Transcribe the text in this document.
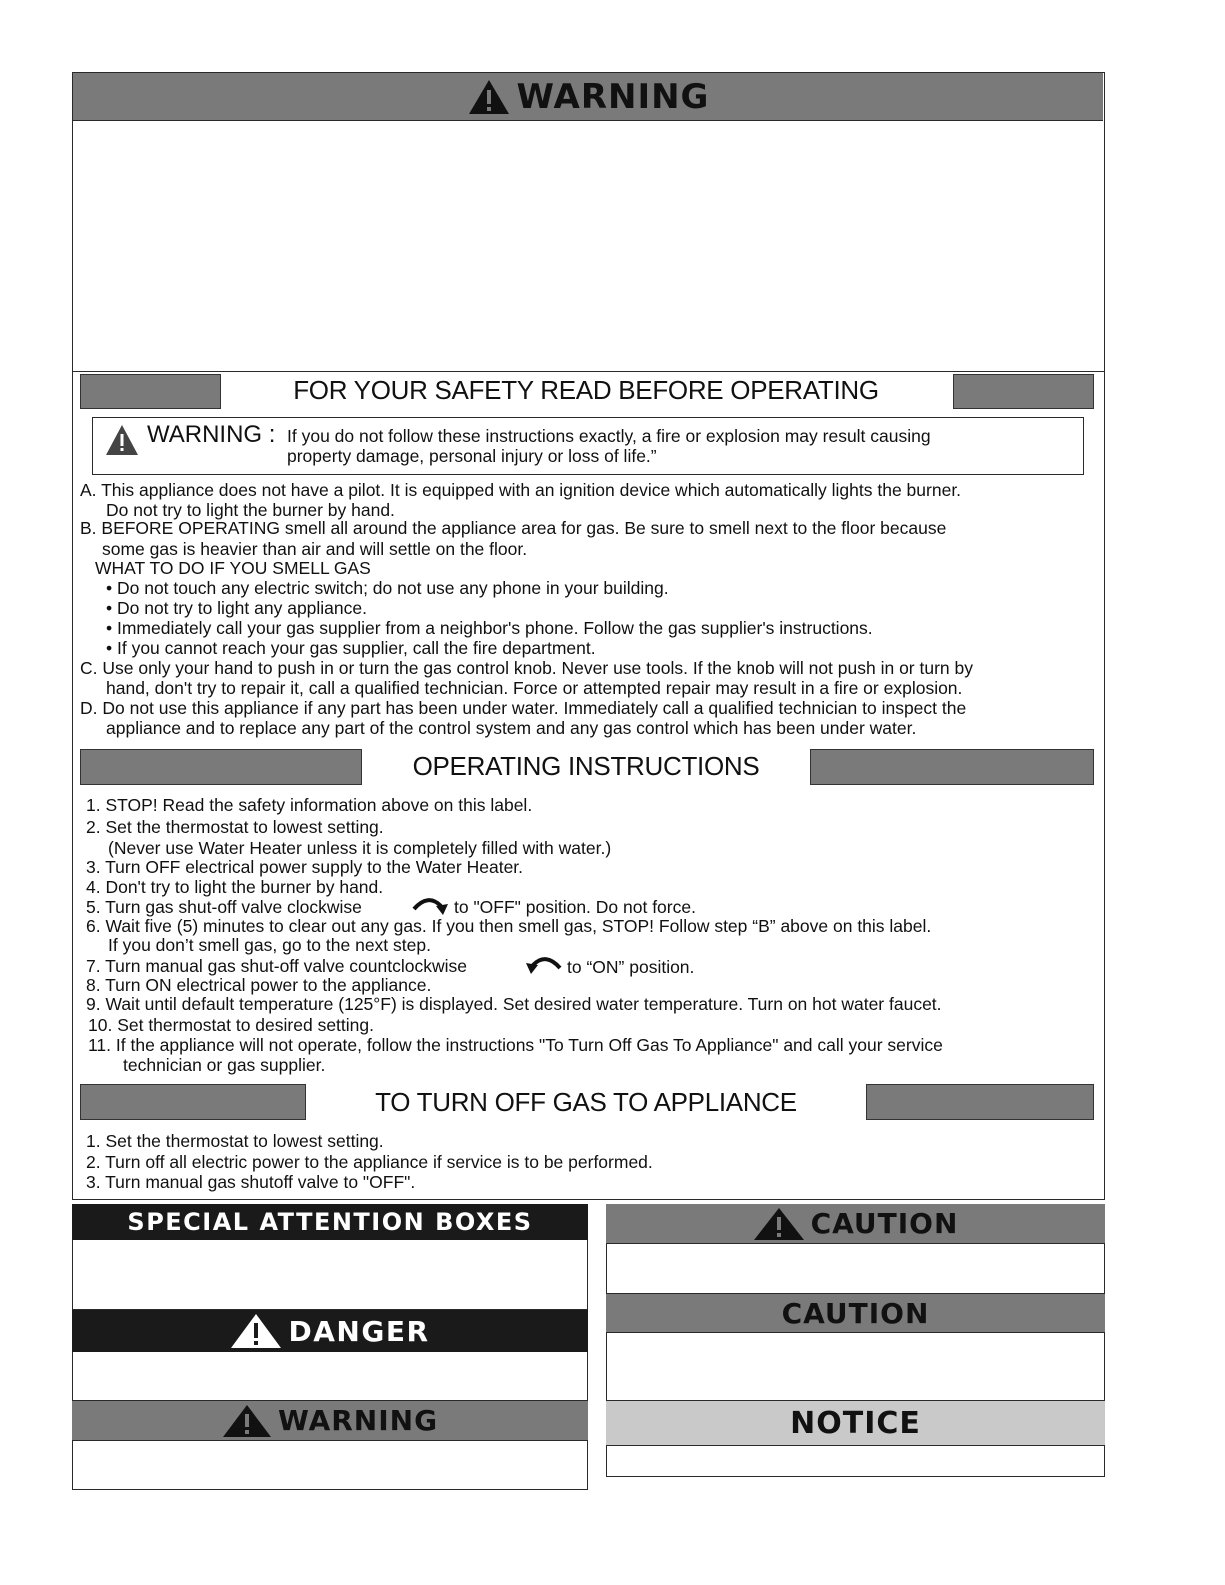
WARNING
FOR YOUR SAFETY READ BEFORE OPERATING
WARNING : If you do not follow these instructions exactly, a fire or explosion may result causing
property damage, personal injury or loss of life.”
A. This appliance does not have a pilot. It is equipped with an ignition device which automatically lights the burner.
Do not try to light the burner by hand.
B. BEFORE OPERATING smell all around the appliance area for gas. Be sure to smell next to the floor because
some gas is heavier than air and will settle on the floor.
WHAT TO DO IF YOU SMELL GAS
• Do not touch any electric switch; do not use any phone in your building.
• Do not try to light any appliance.
• Immediately call your gas supplier from a neighbor's phone. Follow the gas supplier's instructions.
• If you cannot reach your gas supplier, call the fire department.
C. Use only your hand to push in or turn the gas control knob. Never use tools. If the knob will not push in or turn by
hand, don't try to repair it, call a qualified technician. Force or attempted repair may result in a fire or explosion.
D. Do not use this appliance if any part has been under water. Immediately call a qualified technician to inspect the
appliance and to replace any part of the control system and any gas control which has been under water.
OPERATING INSTRUCTIONS
1. STOP! Read the safety information above on this label.
2. Set the thermostat to lowest setting.
(Never use Water Heater unless it is completely filled with water.)
3. Turn OFF electrical power supply to the Water Heater.
4. Don't try to light the burner by hand.
5. Turn gas shut-off valve clockwise	to "OFF" position. Do not force.
6. Wait five (5) minutes to clear out any gas. If you then smell gas, STOP! Follow step “B” above on this label.
If you don’t smell gas, go to the next step.
7. Turn manual gas shut-off valve countclockwise	to “ON” position.
8. Turn ON electrical power to the appliance.
9. Wait until default temperature (125°F) is displayed. Set desired water temperature. Turn on hot water faucet.
10. Set thermostat to desired setting.
11. If the appliance will not operate, follow the instructions "To Turn Off Gas To Appliance" and call your service
technician or gas supplier.
TO TURN OFF GAS TO APPLIANCE
1. Set the thermostat to lowest setting.
2. Turn off all electric power to the appliance if service is to be performed.
3. Turn manual gas shutoff valve to "OFF".
SPECIAL ATTENTION BOXES
DANGER
WARNING
CAUTION
CAUTION
NOTICE
